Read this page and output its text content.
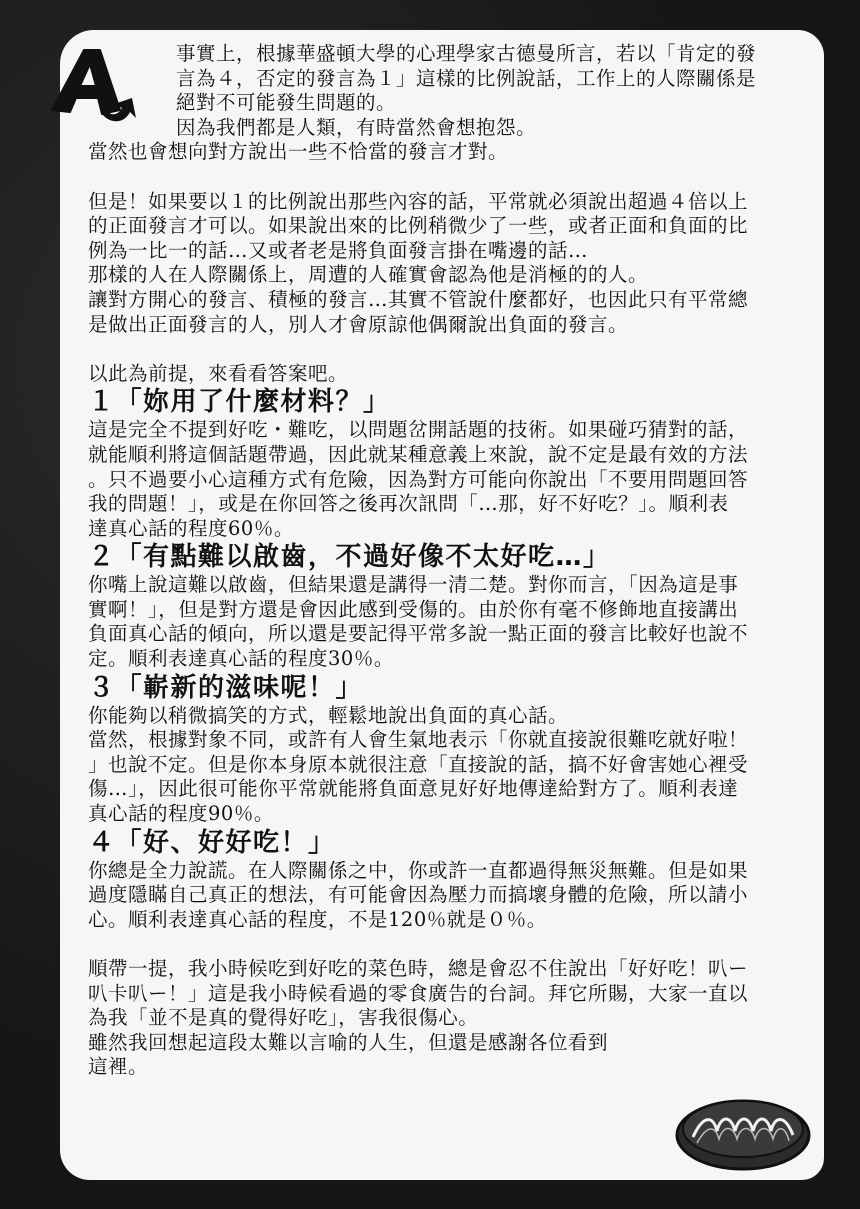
事實上，根據華盛頓大學的心理學家古德曼所言，若以「肯定的發
言為４，否定的發言為１」這樣的比例說話，工作上的人際關係是
絕對不可能發生問題的。
因為我們都是人類，有時當然會想抱怨。
當然也會想向對方說出一些不恰當的發言才對。
但是！如果要以１的比例說出那些內容的話，平常就必須說出超過４倍以上
的正面發言才可以。如果說出來的比例稍微少了一些，或者正面和負面的比
例為一比一的話…又或者老是將負面發言掛在嘴邊的話…
那樣的人在人際關係上，周遭的人確實會認為他是消極的的人。
讓對方開心的發言、積極的發言…其實不管說什麼都好，也因此只有平常總
是做出正面發言的人，別人才會原諒他偶爾說出負面的發言。
以此為前提，來看看答案吧。
１「妳用了什麼材料？」
這是完全不提到好吃・難吃，以問題岔開話題的技術。如果碰巧猜對的話，
就能順利將這個話題帶過，因此就某種意義上來說，說不定是最有效的方法
。只不過要小心這種方式有危險，因為對方可能向你說出「不要用問題回答
我的問題！」，或是在你回答之後再次訊問「…那，好不好吃？」。順利表
達真心話的程度60％。
２「有點難以啟齒，不過好像不太好吃…」
你嘴上說這難以啟齒，但結果還是講得一清二楚。對你而言，「因為這是事
實啊！」，但是對方還是會因此感到受傷的。由於你有毫不修飾地直接講出
負面真心話的傾向，所以還是要記得平常多說一點正面的發言比較好也說不
定。順利表達真心話的程度30％。
３「嶄新的滋味呢！」
你能夠以稍微搞笑的方式，輕鬆地說出負面的真心話。
當然，根據對象不同，或許有人會生氣地表示「你就直接說很難吃就好啦！
」也說不定。但是你本身原本就很注意「直接說的話，搞不好會害她心裡受
傷…」，因此很可能你平常就能將負面意見好好地傳達給對方了。順利表達
真心話的程度90％。
４「好、好好吃！」
你總是全力說謊。在人際關係之中，你或許一直都過得無災無難。但是如果
過度隱瞞自己真正的想法，有可能會因為壓力而搞壞身體的危險，所以請小
心。順利表達真心話的程度，不是120％就是０％。
順帶一提，我小時候吃到好吃的菜色時，總是會忍不住說出「好好吃！叭ー
叭卡叭ー！」這是我小時候看過的零食廣告的台詞。拜它所賜，大家一直以
為我「並不是真的覺得好吃」，害我很傷心。
雖然我回想起這段太難以言喻的人生，但還是感謝各位看到
這裡。
